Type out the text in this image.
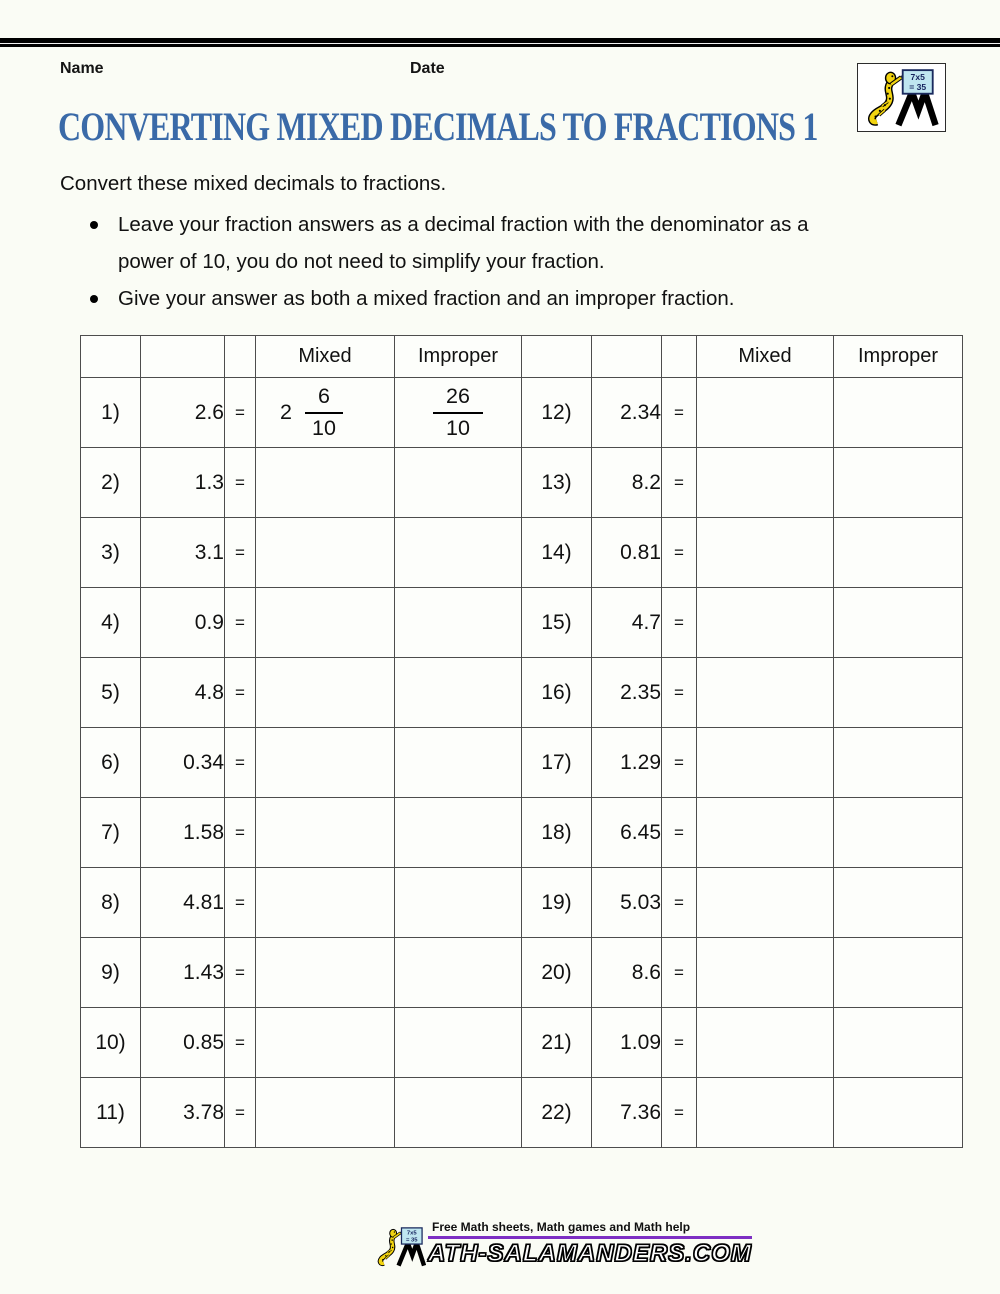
Name	Date
CONVERTING MIXED DECIMALS TO FRACTIONS 1
Convert these mixed decimals to fractions.
Leave your fraction answers as a decimal fraction with the denominator as a power of 10, you do not need to simplify your fraction.
Give your answer as both a mixed fraction and an improper fraction.
			Mixed	Improper				Mixed	Improper
1)	2.6	=	$2 \frac{6}{10}$	$\frac{26}{10}$	12)	2.34	=		
2)	1.3	=			13)	8.2	=		
3)	3.1	=			14)	0.81	=		
4)	0.9	=			15)	4.7	=		
5)	4.8	=			16)	2.35	=		
6)	0.34	=			17)	1.29	=		
7)	1.58	=			18)	6.45	=		
8)	4.81	=			19)	5.03	=		
9)	1.43	=			20)	8.6	=		
10)	0.85	=			21)	1.09	=		
11)	3.78	=			22)	7.36	=		
Free Math sheets, Math games and Math help
ATH-SALAMANDERS.COM
